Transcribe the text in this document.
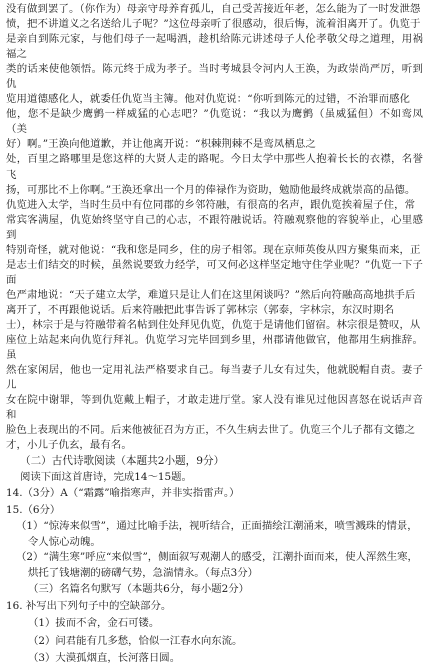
没有做到罢了。（你作为）母亲守母养育孤儿，自己受苦接近年老，怎么能为了一时发泄怨

愤，把不讲道义之名送给儿子呢？”这位母亲听了很感动，很后悔，流着泪离开了。仇览于

是亲自到陈元家，与他们母子一起喝酒，趁机给陈元讲述母子人伦孝敬父母之道理，用祸福之

类的话来使他领悟。陈元终于成为孝子。当时考城县令河内人王涣，为政崇尚严厉，听到仇

览用道德感化人，就委任仇览当主簿。他对仇览说：“你听到陈元的过错，不治罪而感化

他，您不是缺少鹰鹯一样威猛的心志吧？”仇览说：“我以为鹰鹯（虽威猛但）不如鸾凤（美

好）啊。”王涣向他道歉，并让他离开说：“枳棘荆棘不是鸾凤栖息之

处，百里之路哪里是您这样的大贤人走的路呢。今日太学中那些人抱着长长的衣襟，名誉飞

扬，可那比不上你啊。”王涣还拿出一个月的俸禄作为资助，勉励他最终成就崇高的品德。

仇览进入太学，当时生员中有位同郡的乡邻符融，有很高的名声，跟仇览挨着屋子住，常

常宾客满屋，仇览始终坚守自己的心志，不跟符融说话。符融观察他的容貌举止，心里感到

特别奇怪，就对他说：“我和您是同乡，住的房子相邻。现在京师英俊从四方聚集而来，正

是志士们结交的时候，虽然说要致力经学，可又何必这样坚定地守住学业呢？”仇览一下子面

色严肃地说：“天子建立太学，难道只是让人们在这里闲谈吗？”然后向符融高高地拱手后

离开了，不再跟他说话。后来符融把此事告诉了郭林宗（郭泰，字林宗，东汉时期名

士），林宗于是与符融带着名帖到住处拜见仇览，仇览于是请他们留宿。林宗很是赞叹，从

座位上站起来向仇览行拜礼。仇览学习完毕回到乡里，州郡请他做官，他都用生病推辞。虽

然在家闲居，他也一定用礼法严格要求自己。每当妻子儿女有过失，他就脱帽自责。妻子儿

女在院中谢罪，等到仇览戴上帽子，才敢走进厅堂。家人没有谁见过他因喜怒在说话声音和

脸色上表现出的不同。后来他被征召为方正，不久生病去世了。仇览三个儿子都有文德之

才，小儿子仇玄，最有名。

（二）古代诗歌阅读（本题共2小题，9分）

阅读下面这首唐诗，完成14～15题。

14.（3分）A（“霜露”喻指寒声，并非实指雷声。）

15.（6分）

（1）“惊涛来似雪”，通过比喻手法，视听结合，正面描绘江潮涌来，喷雪溅珠的情景，令人惊心动魄。

（2）“满生寒”呼应“来似雪”，侧面叙写观潮人的感受，江潮扑面而来，使人浑然生寒，烘托了钱塘潮的磅礴气势，急湍情永。（每点3分）

（三）名篇名句默写（本题共6分，每小题2分）

16. 补写出下列句子中的空缺部分。

（1）拔而不舍，金石可镂。

（2）问君能有几多愁，恰似一江春水向东流。

（3）大漠孤烟直，长河落日圆。
